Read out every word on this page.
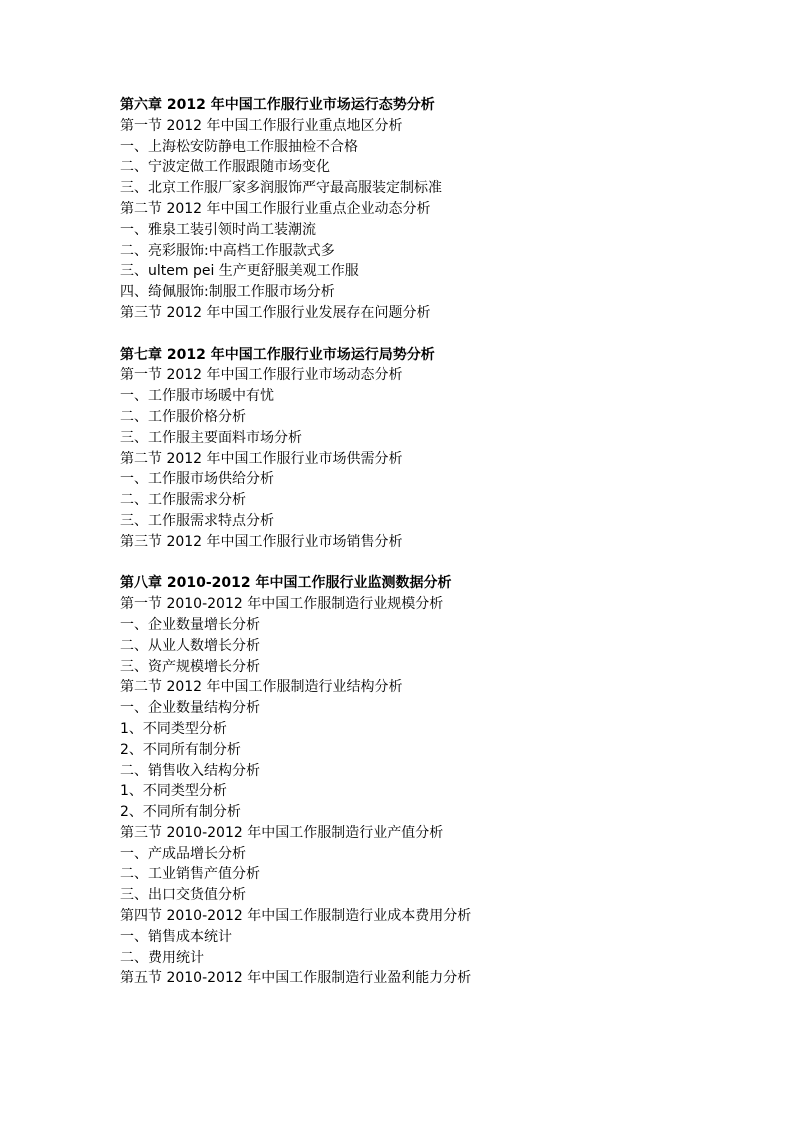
第六章 2012 年中国工作服行业市场运行态势分析
第一节 2012 年中国工作服行业重点地区分析
一、上海松安防静电工作服抽检不合格
二、宁波定做工作服跟随市场变化
三、北京工作服厂家多润服饰严守最高服装定制标准
第二节 2012 年中国工作服行业重点企业动态分析
一、雅泉工装引领时尚工装潮流
二、亮彩服饰:中高档工作服款式多
三、ultem pei 生产更舒服美观工作服
四、绮佩服饰:制服工作服市场分析
第三节 2012 年中国工作服行业发展存在问题分析
第七章 2012 年中国工作服行业市场运行局势分析
第一节 2012 年中国工作服行业市场动态分析
一、工作服市场暖中有忧
二、工作服价格分析
三、工作服主要面料市场分析
第二节 2012 年中国工作服行业市场供需分析
一、工作服市场供给分析
二、工作服需求分析
三、工作服需求特点分析
第三节 2012 年中国工作服行业市场销售分析
第八章 2010-2012 年中国工作服行业监测数据分析
第一节 2010-2012 年中国工作服制造行业规模分析
一、企业数量增长分析
二、从业人数增长分析
三、资产规模增长分析
第二节 2012 年中国工作服制造行业结构分析
一、企业数量结构分析
1、不同类型分析
2、不同所有制分析
二、销售收入结构分析
1、不同类型分析
2、不同所有制分析
第三节 2010-2012 年中国工作服制造行业产值分析
一、产成品增长分析
二、工业销售产值分析
三、出口交货值分析
第四节 2010-2012 年中国工作服制造行业成本费用分析
一、销售成本统计
二、费用统计
第五节 2010-2012 年中国工作服制造行业盈利能力分析
